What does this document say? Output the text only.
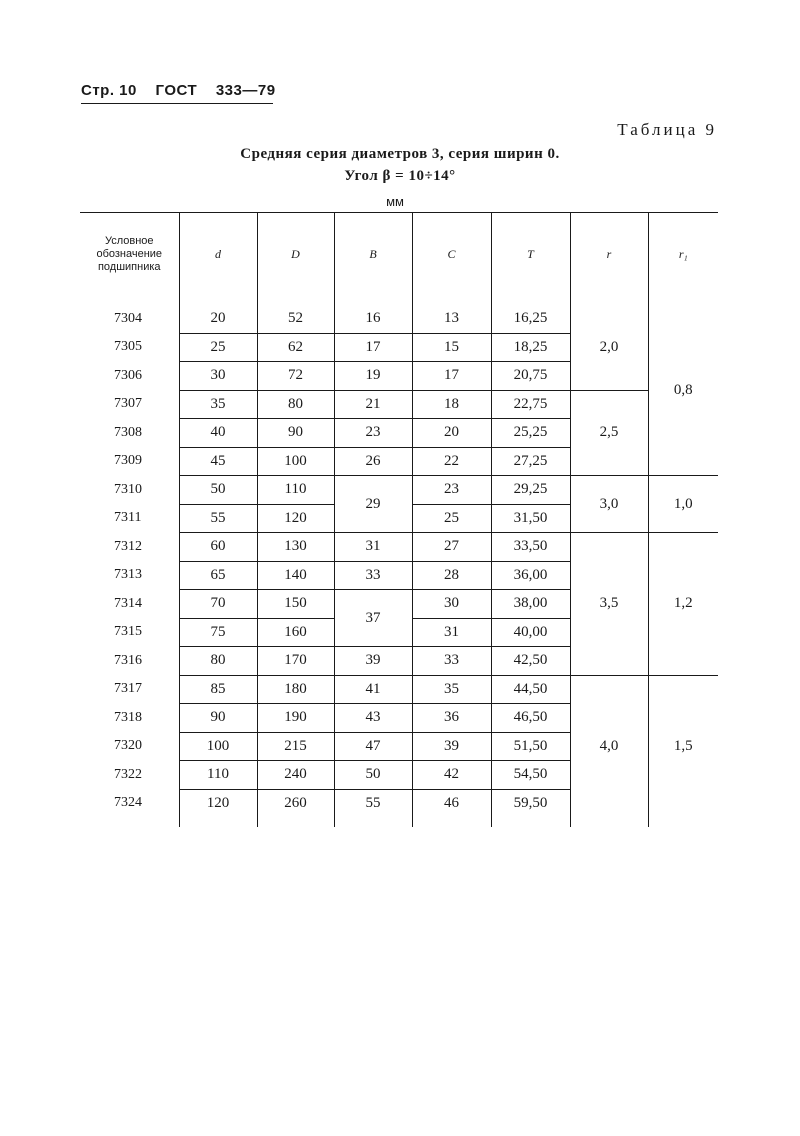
Стр. 10 ГОСТ 333—79
Таблица 9
Средняя серия диаметров 3, серия ширин 0.
Угол β = 10÷14°
мм
Условное
обозначение
подшипника	d	D	B	C	T	r	r₁

7304	20	52	16	13	16,25	2,0	0,8
7305	25	62	17	15	18,25		
7306	30	72	19	17	20,75		
7307	35	80	21	18	22,75	2,5	
7308	40	90	23	20	25,25		
7309	45	100	26	22	27,25		
7310	50	110	29	23	29,25	3,0	1,0
7311	55	120		25	31,50		
7312	60	130	31	27	33,50	3,5	1,2
7313	65	140	33	28	36,00		
7314	70	150	37	30	38,00		
7315	75	160		31	40,00		
7316	80	170	39	33	42,50		
7317	85	180	41	35	44,50	4,0	1,5
7318	90	190	43	36	46,50		
7320	100	215	47	39	51,50		
7322	110	240	50	42	54,50		
7324	120	260	55	46	59,50		
